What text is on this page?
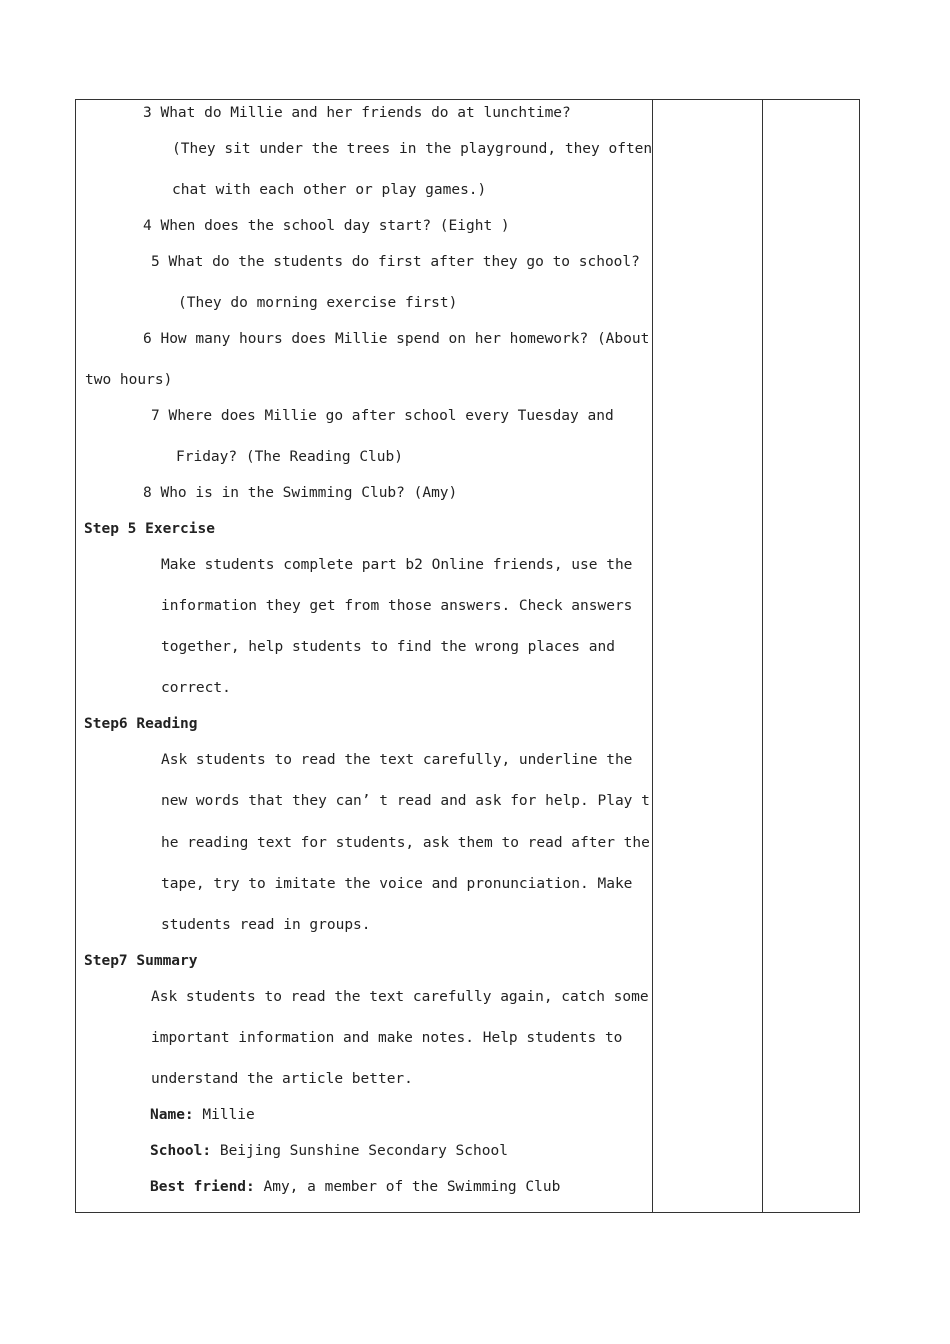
3 What do Millie and her friends do at lunchtime?
(They sit under the trees in the playground, they often
chat with each other or play games.)
4 When does the school day start? (Eight )
5 What do the students do first after they go to school?
(They do morning exercise first)
6 How many hours does Millie spend on her homework? (About
two hours)
7 Where does Millie go after school every Tuesday and
Friday? (The Reading Club)
8 Who is in the Swimming Club? (Amy)
Step 5 Exercise
Make students complete part b2 Online friends, use the
information they get from those answers. Check answers
together, help students to find the wrong places and
correct.
Step6 Reading
Ask students to read the text carefully, underline the
new words that they can’ t read and ask for help. Play t
he reading text for students, ask them to read after the
tape, try to imitate the voice and pronunciation. Make
students read in groups.
Step7 Summary
Ask students to read the text carefully again, catch some
important information and make notes. Help students to
understand the article better.
Name: Millie
School: Beijing Sunshine Secondary School
Best friend: Amy, a member of the Swimming Club
